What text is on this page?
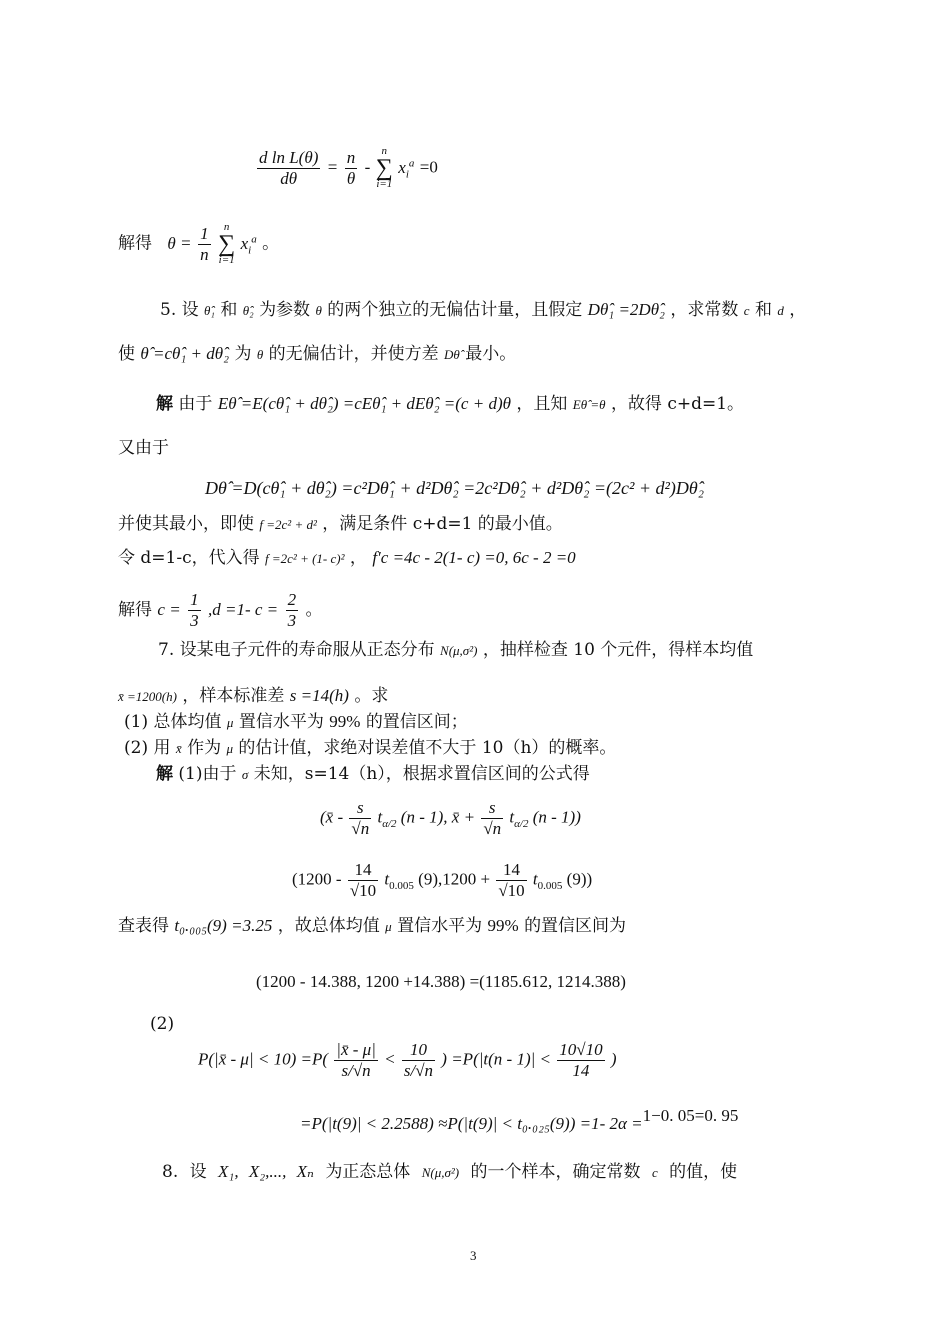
$\frac{\text{d ln L(θ)}}{d\theta} = \frac{n}{\theta} - n$
∑
i=1 $x_i^a =0$
解得 $\theta = \frac{1}{n}$ n
∑
i=1 $x_i^a$ 。
5. 设 θ̂₁ 和 θ̂₂ 为参数 θ 的两个独立的无偏估计量，且假定 Dθ̂₁ =2Dθ̂₂ ，求常数 c 和 d ，
使 θ̂ =cθ̂₁ + dθ̂₂ 为 θ 的无偏估计，并使方差 Dθ̂ 最小。
解 由于 Eθ̂ =E(cθ̂₁ + dθ̂₂) =cEθ̂₁ + dEθ̂₂ =(c + d)θ ，且知 Eθ̂ =θ ，故得 c+d=1。
又由于
Dθ̂ =D(cθ̂₁ + dθ̂₂) =c²Dθ̂₁ + d²Dθ̂₂ =2c²Dθ̂₂ + d²Dθ̂₂ =(2c² + d²)Dθ̂₂
并使其最小，即使 f =2c² + d² ，满足条件 c+d=1 的最小值。
令 d=1-c，代入得 f =2c² + (1- c)² ， f′c =4c - 2(1- c) =0, 6c - 2 =0
解得 $c = \frac{1}{3} ,d =1-$ $c = \frac{2}{3}$ 。
7. 设某电子元件的寿命服从正态分布 N(μ,σ²) ，抽样检查 10 个元件，得样本均值
x̄ =1200(h) ，样本标准差 s =14(h) 。求
(1) 总体均值 μ 置信水平为 99% 的置信区间；
(2) 用 x̄ 作为 μ 的估计值，求绝对误差值不大于 10（h）的概率。
解 (1)由于 σ 未知，s=14（h），根据求置信区间的公式得
(x̄ - $\frac{s}{√n} t_{\alpha/2}$ (n - 1), x̄ + $\frac{s}{√n} t_{\alpha/2}$ (n - 1))
($1200 - \frac{14}{√10} t_{0.005}$ $(9),1200 + \frac{14}{√10} t_{0.005}$ (9))
查表得 t₀.₀₀₅(9) =3.25 ，故总体均值 μ 置信水平为 99% 的置信区间为
(1200 - 14.388, 1200 +14.388) =(1185.612, 1214.388)
(2)
P(|x̄ - $\mu| < 10) =P( \frac{|x̄ - \mu|}{s/√n} < \frac{10}{s/√n}$ ) $=P(|t(n - 1)| < \frac{10√10}{14}$ )
=P(|t(9)| < 2.2588) ≈P(|t(9)| < t₀.₀₂₅(9)) =1- 2α =1−0. 05=0. 95
8. 设 X₁, X₂,..., Xₙ 为正态总体 N(μ,σ²) 的一个样本，确定常数 c 的值，使
3
